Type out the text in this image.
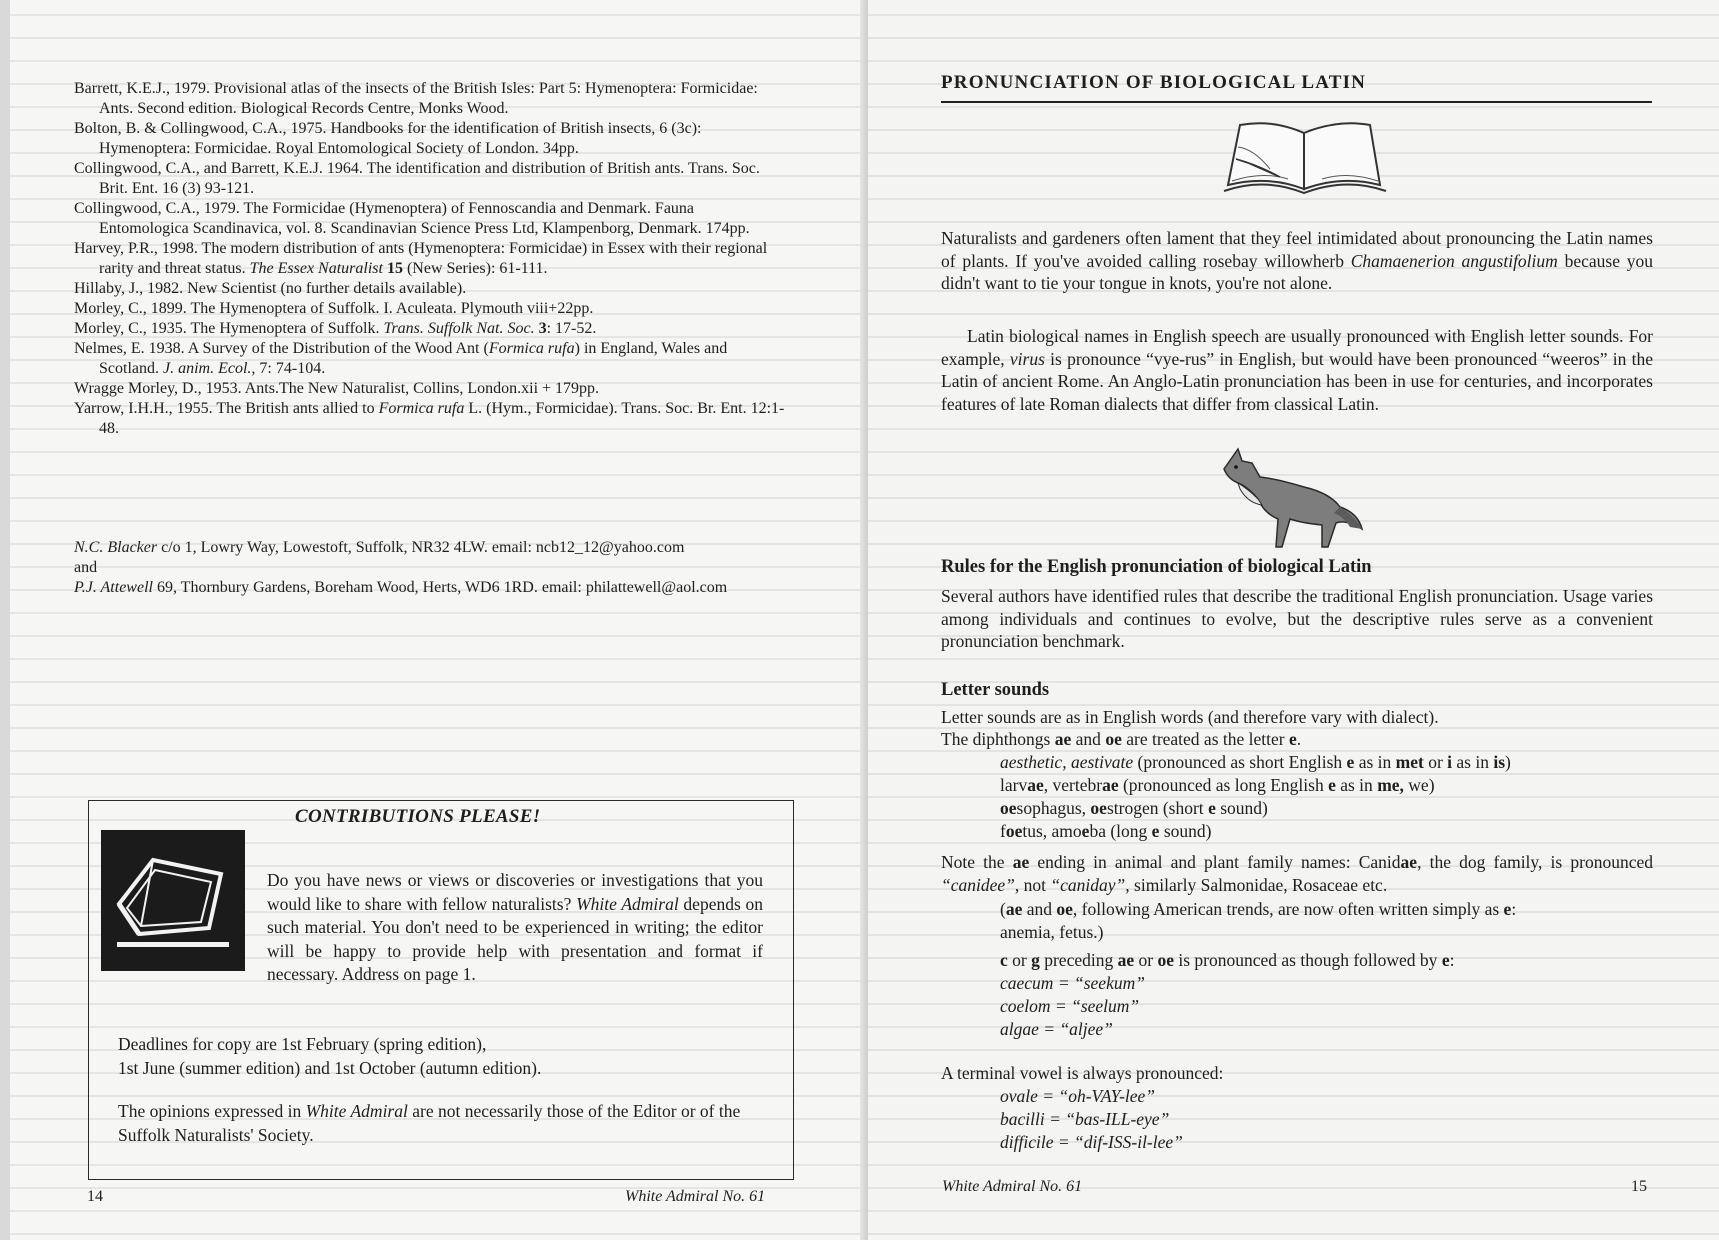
Barrett, K.E.J., 1979. Provisional atlas of the insects of the British Isles: Part 5: Hymenoptera: Formicidae: Ants. Second edition. Biological Records Centre, Monks Wood.

Bolton, B. & Collingwood, C.A., 1975. Handbooks for the identification of British insects, 6 (3c): Hymenoptera: Formicidae. Royal Entomological Society of London. 34pp.

Collingwood, C.A., and Barrett, K.E.J. 1964. The identification and distribution of British ants. Trans. Soc. Brit. Ent. 16 (3) 93-121.

Collingwood, C.A., 1979. The Formicidae (Hymenoptera) of Fennoscandia and Denmark. Fauna Entomologica Scandinavica, vol. 8. Scandinavian Science Press Ltd, Klampenborg, Denmark. 174pp.

Harvey, P.R., 1998. The modern distribution of ants (Hymenoptera: Formicidae) in Essex with their regional rarity and threat status. The Essex Naturalist 15 (New Series): 61-111.

Hillaby, J., 1982. New Scientist (no further details available).

Morley, C., 1899. The Hymenoptera of Suffolk. I. Aculeata. Plymouth viii+22pp.

Morley, C., 1935. The Hymenoptera of Suffolk. Trans. Suffolk Nat. Soc. 3: 17-52.

Nelmes, E. 1938. A Survey of the Distribution of the Wood Ant (Formica rufa) in England, Wales and Scotland. J. anim. Ecol., 7: 74-104.

Wragge Morley, D., 1953. Ants.The New Naturalist, Collins, London.xii + 179pp.

Yarrow, I.H.H., 1955. The British ants allied to Formica rufa L. (Hym., Formicidae). Trans. Soc. Br. Ent. 12:1-48.

N.C. Blacker c/o 1, Lowry Way, Lowestoft, Suffolk, NR32 4LW. email: ncb12_12@yahoo.com

and

P.J. Attewell 69, Thornbury Gardens, Boreham Wood, Herts, WD6 1RD. email: philattewell@aol.com

CONTRIBUTIONS PLEASE!

Do you have news or views or discoveries or investigations that you would like to share with fellow naturalists? White Admiral depends on such material. You don't need to be experienced in writing; the editor will be happy to provide help with presentation and format if necessary. Address on page 1.

Deadlines for copy are 1st February (spring edition),
1st June (summer edition) and 1st October (autumn edition).

The opinions expressed in White Admiral are not necessarily those of the Editor or of the Suffolk Naturalists' Society.

14	White Admiral No. 61
PRONUNCIATION OF BIOLOGICAL LATIN

Naturalists and gardeners often lament that they feel intimidated about pronouncing the Latin names of plants. If you've avoided calling rosebay willowherb Chamaenerion angustifolium because you didn't want to tie your tongue in knots, you're not alone.

Latin biological names in English speech are usually pronounced with English letter sounds. For example, virus is pronounce “vye-rus” in English, but would have been pronounced “weeros” in the Latin of ancient Rome. An Anglo-Latin pronunciation has been in use for centuries, and incorporates features of late Roman dialects that differ from classical Latin.

Rules for the English pronunciation of biological Latin

Several authors have identified rules that describe the traditional English pronunciation. Usage varies among individuals and continues to evolve, but the descriptive rules serve as a convenient pronunciation benchmark.

Letter sounds

Letter sounds are as in English words (and therefore vary with dialect).

The diphthongs ae and oe are treated as the letter e.

aesthetic, aestivate (pronounced as short English e as in met or i as in is)

larvae, vertebrae (pronounced as long English e as in me, we)

oesophagus, oestrogen (short e sound)

foetus, amoeba (long e sound)

Note the ae ending in animal and plant family names: Canidae, the dog family, is pronounced “canidee”, not “caniday”, similarly Salmonidae, Rosaceae etc.

(ae and oe, following American trends, are now often written simply as e:

anemia, fetus.)

c or g preceding ae or oe is pronounced as though followed by e:

caecum = “seekum”

coelom = “seelum”

algae = “aljee”

A terminal vowel is always pronounced:

ovale = “oh-VAY-lee”

bacilli = “bas-ILL-eye”

difficile = “dif-ISS-il-lee”

White Admiral No. 61	15
